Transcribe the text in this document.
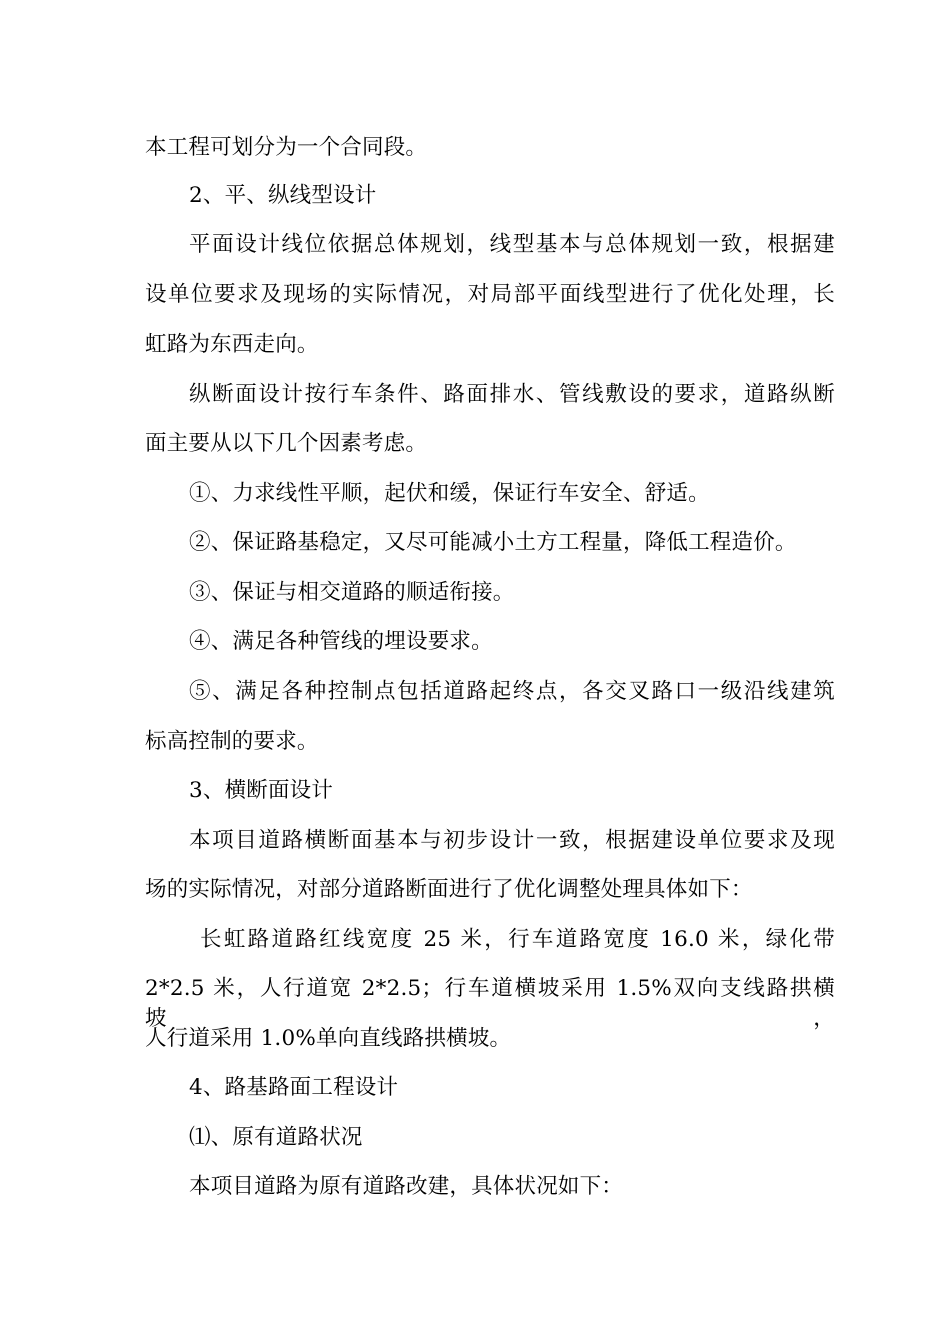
本工程可划分为一个合同段。
2、平、纵线型设计
平面设计线位依据总体规划，线型基本与总体规划一致，根据建
设单位要求及现场的实际情况，对局部平面线型进行了优化处理，长
虹路为东西走向。
纵断面设计按行车条件、路面排水、管线敷设的要求，道路纵断
面主要从以下几个因素考虑。
①、力求线性平顺，起伏和缓，保证行车安全、舒适。
②、保证路基稳定，又尽可能减小土方工程量，降低工程造价。
③、保证与相交道路的顺适衔接。
④、满足各种管线的埋设要求。
⑤、满足各种控制点包括道路起终点，各交叉路口一级沿线建筑
标高控制的要求。
3、横断面设计
本项目道路横断面基本与初步设计一致，根据建设单位要求及现
场的实际情况，对部分道路断面进行了优化调整处理具体如下：
长虹路道路红线宽度 25 米，行车道路宽度 16.0 米，绿化带
2*2.5 米，人行道宽 2*2.5；行车道横坡采用 1.5%双向支线路拱横坡，
人行道采用 1.0%单向直线路拱横坡。
4、路基路面工程设计
⑴、原有道路状况
本项目道路为原有道路改建，具体状况如下：
